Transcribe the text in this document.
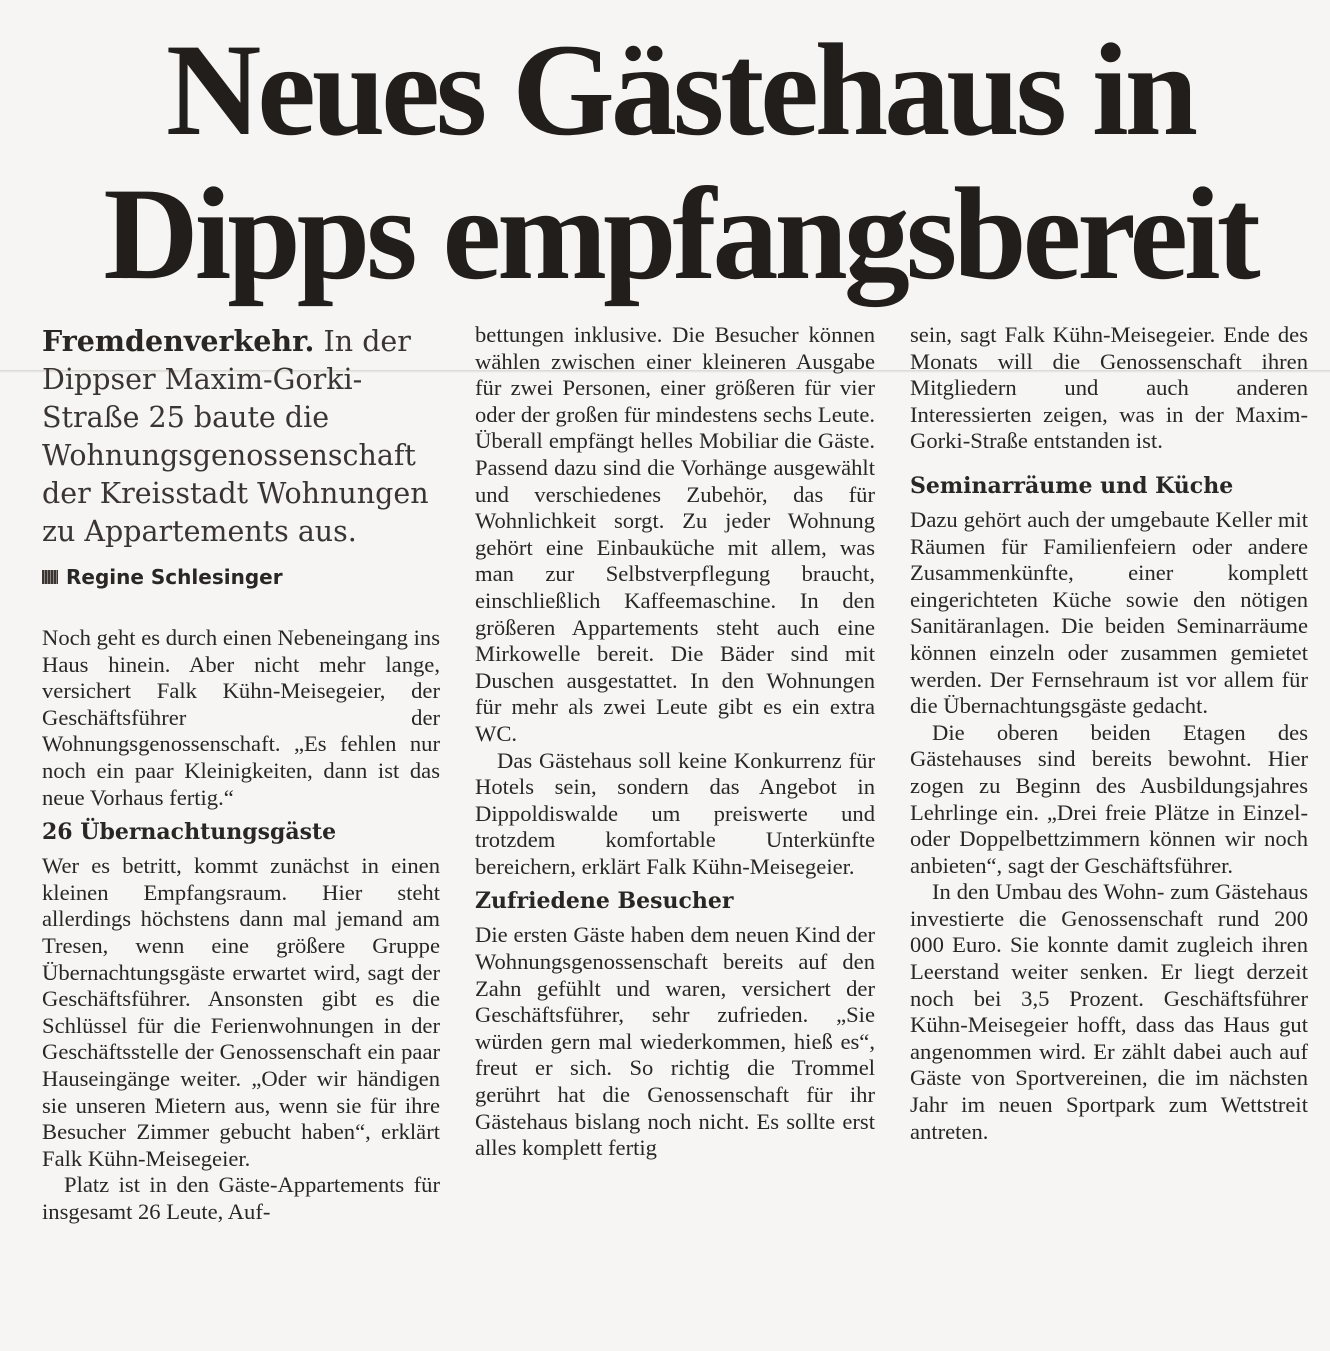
Neues Gästehaus in
Dipps empfangsbereit

Fremdenverkehr. In der Dippser Maxim-Gorki-Straße 25 baute die Wohnungsgenossenschaft der Kreisstadt Wohnungen zu Appartements aus.

Regine Schlesinger

Noch geht es durch einen Nebeneingang ins Haus hinein. Aber nicht mehr lange, versichert Falk Kühn-Meisegeier, der Geschäftsführer der Wohnungsgenossenschaft. „Es fehlen nur noch ein paar Kleinigkeiten, dann ist das neue Vorhaus fertig.“

26 Übernachtungsgäste

Wer es betritt, kommt zunächst in einen kleinen Empfangsraum. Hier steht allerdings höchstens dann mal jemand am Tresen, wenn eine größere Gruppe Übernachtungsgäste erwartet wird, sagt der Geschäftsführer. Ansonsten gibt es die Schlüssel für die Ferienwohnungen in der Geschäftsstelle der Genossenschaft ein paar Hauseingänge weiter. „Oder wir händigen sie unseren Mietern aus, wenn sie für ihre Besucher Zimmer gebucht haben“, erklärt Falk Kühn-Meisegeier.

Platz ist in den Gäste-Appartements für insgesamt 26 Leute, Auf-

bettungen inklusive. Die Besucher können wählen zwischen einer kleineren Ausgabe für zwei Personen, einer größeren für vier oder der großen für mindestens sechs Leute. Überall empfängt helles Mobiliar die Gäste. Passend dazu sind die Vorhänge ausgewählt und verschiedenes Zubehör, das für Wohnlichkeit sorgt. Zu jeder Wohnung gehört eine Einbauküche mit allem, was man zur Selbstverpflegung braucht, einschließlich Kaffeemaschine. In den größeren Appartements steht auch eine Mirkowelle bereit. Die Bäder sind mit Duschen ausgestattet. In den Wohnungen für mehr als zwei Leute gibt es ein extra WC.

Das Gästehaus soll keine Konkurrenz für Hotels sein, sondern das Angebot in Dippoldiswalde um preiswerte und trotzdem komfortable Unterkünfte bereichern, erklärt Falk Kühn-Meisegeier.

Zufriedene Besucher

Die ersten Gäste haben dem neuen Kind der Wohnungsgenossenschaft bereits auf den Zahn gefühlt und waren, versichert der Geschäftsführer, sehr zufrieden. „Sie würden gern mal wiederkommen, hieß es“, freut er sich. So richtig die Trommel gerührt hat die Genossenschaft für ihr Gästehaus bislang noch nicht. Es sollte erst alles komplett fertig

sein, sagt Falk Kühn-Meisegeier. Ende des Monats will die Genossenschaft ihren Mitgliedern und auch anderen Interessierten zeigen, was in der Maxim-Gorki-Straße entstanden ist.

Seminarräume und Küche

Dazu gehört auch der umgebaute Keller mit Räumen für Familienfeiern oder andere Zusammenkünfte, einer komplett eingerichteten Küche sowie den nötigen Sanitäranlagen. Die beiden Seminarräume können einzeln oder zusammen gemietet werden. Der Fernsehraum ist vor allem für die Übernachtungsgäste gedacht.

Die oberen beiden Etagen des Gästehauses sind bereits bewohnt. Hier zogen zu Beginn des Ausbildungsjahres Lehrlinge ein. „Drei freie Plätze in Einzel- oder Doppelbettzimmern können wir noch anbieten“, sagt der Geschäftsführer.

In den Umbau des Wohn- zum Gästehaus investierte die Genossenschaft rund 200 000 Euro. Sie konnte damit zugleich ihren Leerstand weiter senken. Er liegt derzeit noch bei 3,5 Prozent. Geschäftsführer Kühn-Meisegeier hofft, dass das Haus gut angenommen wird. Er zählt dabei auch auf Gäste von Sportvereinen, die im nächsten Jahr im neuen Sportpark zum Wettstreit antreten.
